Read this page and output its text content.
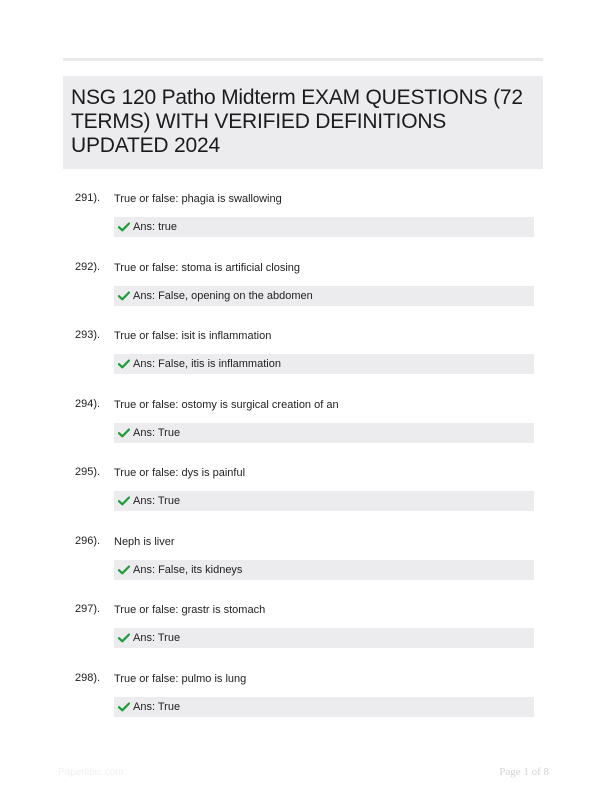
NSG 120 Patho Midterm EXAM QUESTIONS (72 TERMS) WITH VERIFIED DEFINITIONS UPDATED 2024
291). True or false: phagia is swallowing
Ans: true
292). True or false: stoma is artificial closing
Ans: False, opening on the abdomen
293). True or false: isit is inflammation
Ans: False, itis is inflammation
294). True or false: ostomy is surgical creation of an
Ans: True
295). True or false: dys is painful
Ans: True
296). Neph is liver
Ans: False, its kidneys
297). True or false: grastr is stomach
Ans: True
298). True or false: pulmo is lung
Ans: True
Paperlibic.com	Page 1 of 8
